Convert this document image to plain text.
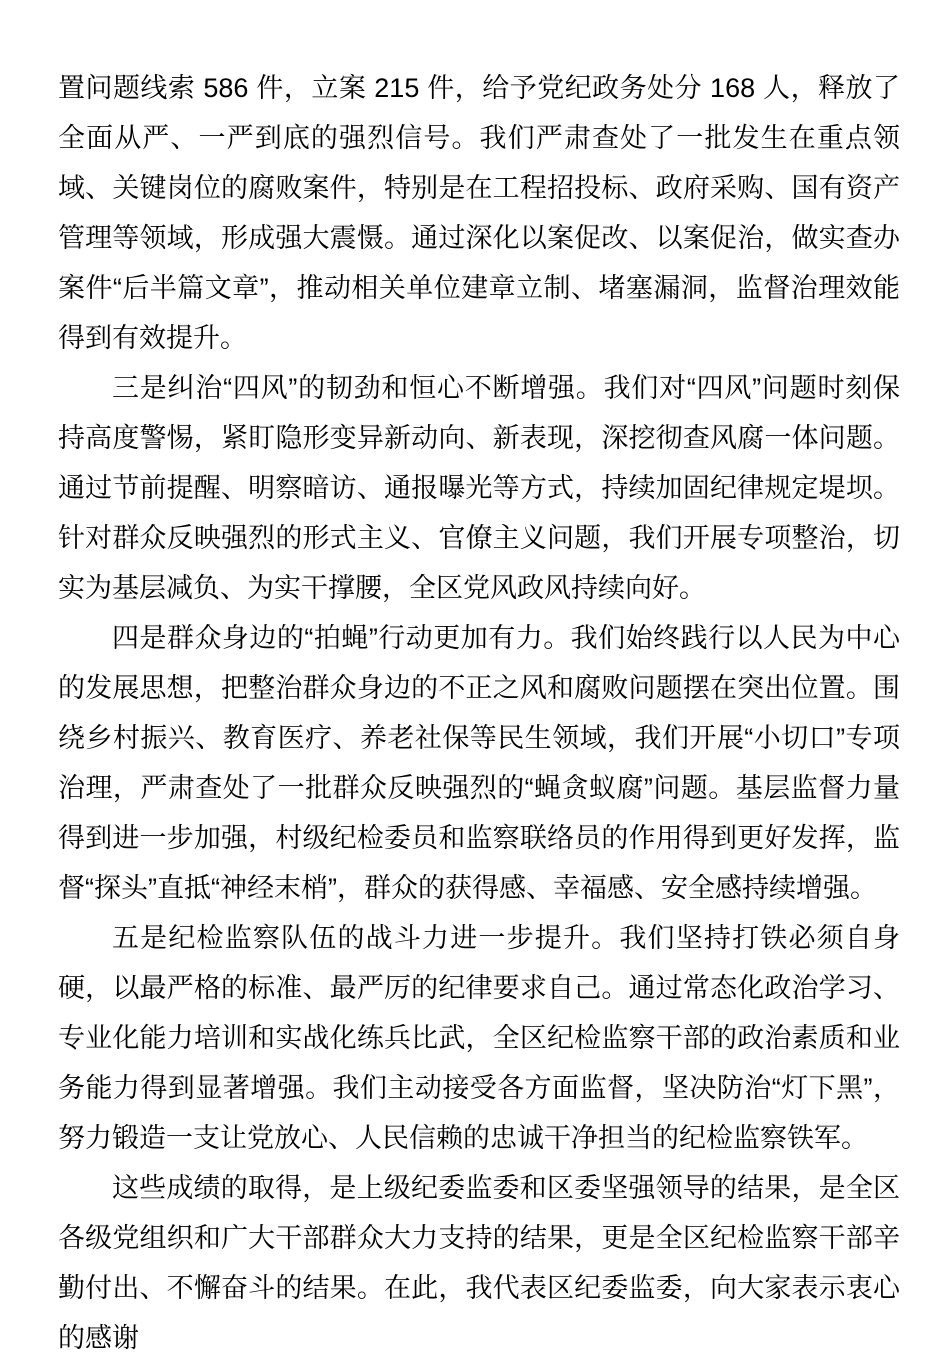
置问题线索 586 件，立案 215 件，给予党纪政务处分 168 人，释放了全面从严、一严到底的强烈信号。我们严肃查处了一批发生在重点领域、关键岗位的腐败案件，特别是在工程招投标、政府采购、国有资产管理等领域，形成强大震慑。通过深化以案促改、以案促治，做实查办案件“后半篇文章”，推动相关单位建章立制、堵塞漏洞，监督治理效能得到有效提升。

三是纠治“四风”的韧劲和恒心不断增强。我们对“四风”问题时刻保持高度警惕，紧盯隐形变异新动向、新表现，深挖彻查风腐一体问题。通过节前提醒、明察暗访、通报曝光等方式，持续加固纪律规定堤坝。针对群众反映强烈的形式主义、官僚主义问题，我们开展专项整治，切实为基层减负、为实干撑腰，全区党风政风持续向好。

四是群众身边的“拍蝇”行动更加有力。我们始终践行以人民为中心的发展思想，把整治群众身边的不正之风和腐败问题摆在突出位置。围绕乡村振兴、教育医疗、养老社保等民生领域，我们开展“小切口”专项治理，严肃查处了一批群众反映强烈的“蝇贪蚁腐”问题。基层监督力量得到进一步加强，村级纪检委员和监察联络员的作用得到更好发挥，监督“探头”直抵“神经末梢”，群众的获得感、幸福感、安全感持续增强。

五是纪检监察队伍的战斗力进一步提升。我们坚持打铁必须自身硬，以最严格的标准、最严厉的纪律要求自己。通过常态化政治学习、专业化能力培训和实战化练兵比武，全区纪检监察干部的政治素质和业务能力得到显著增强。我们主动接受各方面监督，坚决防治“灯下黑”，努力锻造一支让党放心、人民信赖的忠诚干净担当的纪检监察铁军。

这些成绩的取得，是上级纪委监委和区委坚强领导的结果，是全区各级党组织和广大干部群众大力支持的结果，更是全区纪检监察干部辛勤付出、不懈奋斗的结果。在此，我代表区纪委监委，向大家表示衷心的感谢
